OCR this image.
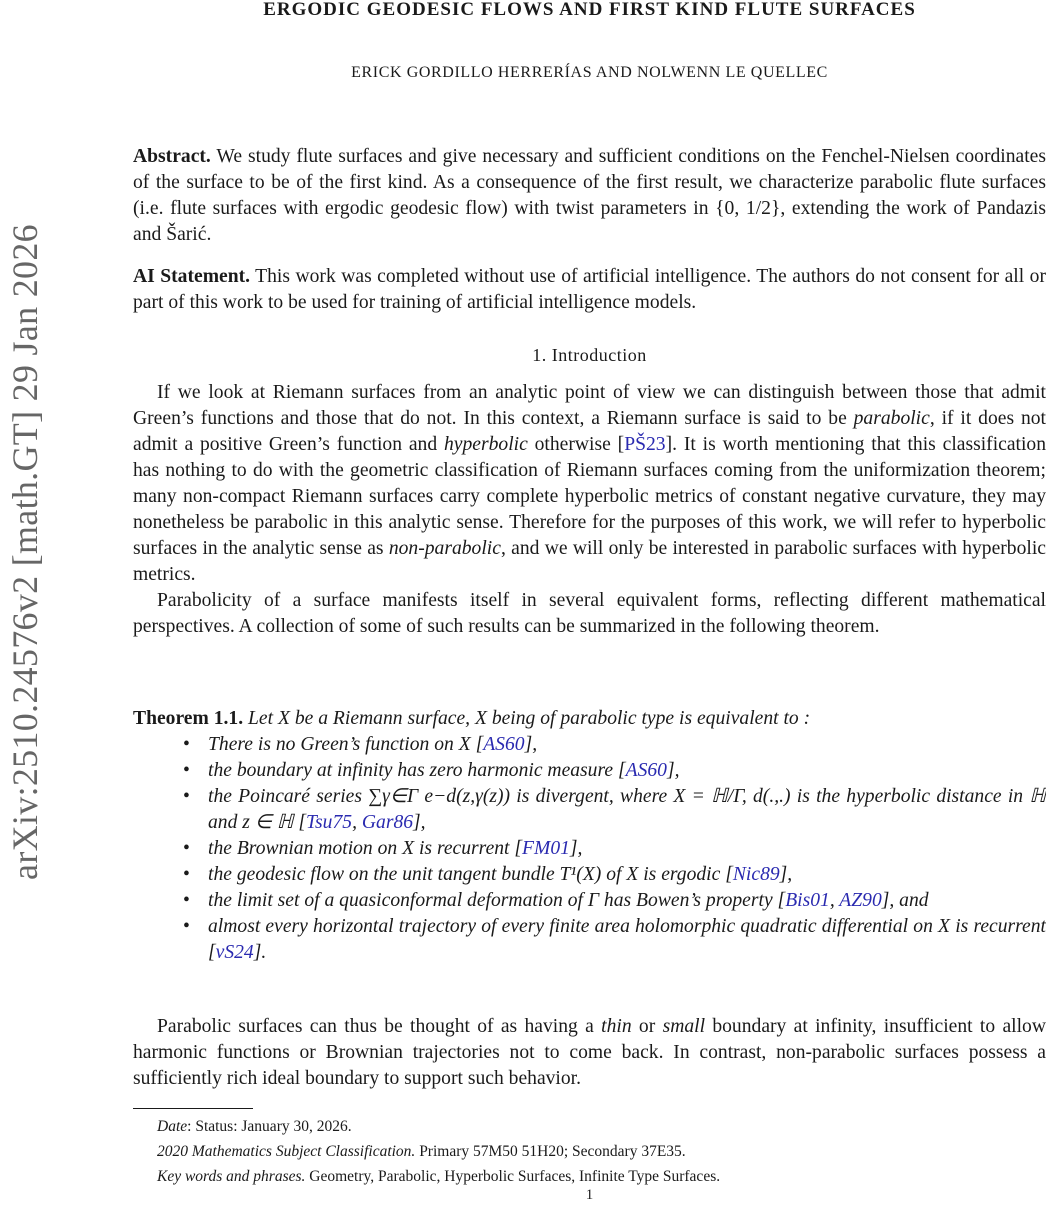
arXiv:2510.24576v2 [math.GT] 29 Jan 2026
ERGODIC GEODESIC FLOWS AND FIRST KIND FLUTE SURFACES
ERICK GORDILLO HERRERÍAS AND NOLWENN LE QUELLEC

Abstract. We study flute surfaces and give necessary and sufficient conditions on the Fenchel-Nielsen coordinates of the surface to be of the first kind. As a consequence of the first result, we characterize parabolic flute surfaces (i.e. flute surfaces with ergodic geodesic flow) with twist parameters in {0, 1/2}, extending the work of Pandazis and Šarić.

AI Statement. This work was completed without use of artificial intelligence. The authors do not consent for all or part of this work to be used for training of artificial intelligence models.

1. Introduction

If we look at Riemann surfaces from an analytic point of view we can distinguish between those that admit Green’s functions and those that do not. In this context, a Riemann surface is said to be parabolic, if it does not admit a positive Green’s function and hyperbolic otherwise [PŠ23]. It is worth mentioning that this classification has nothing to do with the geometric classification of Riemann surfaces coming from the uniformization theorem; many non-compact Riemann surfaces carry complete hyperbolic metrics of constant negative curvature, they may nonetheless be parabolic in this analytic sense. Therefore for the purposes of this work, we will refer to hyperbolic surfaces in the analytic sense as non-parabolic, and we will only be interested in parabolic surfaces with hyperbolic metrics.

Parabolicity of a surface manifests itself in several equivalent forms, reflecting different mathematical perspectives. A collection of some of such results can be summarized in the following theorem.

Theorem 1.1. Let X be a Riemann surface, X being of parabolic type is equivalent to :

• There is no Green’s function on X [AS60],
• the boundary at infinity has zero harmonic measure [AS60],
• the Poincaré series ∑γ∈Γ e−d(z,γ(z)) is divergent, where X = ℍ/Γ, d(.,.) is the hyperbolic distance in ℍ and z ∈ ℍ [Tsu75, Gar86],
• the Brownian motion on X is recurrent [FM01],
• the geodesic flow on the unit tangent bundle T¹(X) of X is ergodic [Nic89],
• the limit set of a quasiconformal deformation of Γ has Bowen’s property [Bis01, AZ90], and
• almost every horizontal trajectory of every finite area holomorphic quadratic differential on X is recurrent [vS24].

Parabolic surfaces can thus be thought of as having a thin or small boundary at infinity, insufficient to allow harmonic functions or Brownian trajectories not to come back. In contrast, non-parabolic surfaces possess a sufficiently rich ideal boundary to support such behavior.

Date: Status: January 30, 2026.
2020 Mathematics Subject Classification. Primary 57M50 51H20; Secondary 37E35.
Key words and phrases. Geometry, Parabolic, Hyperbolic Surfaces, Infinite Type Surfaces.
1
